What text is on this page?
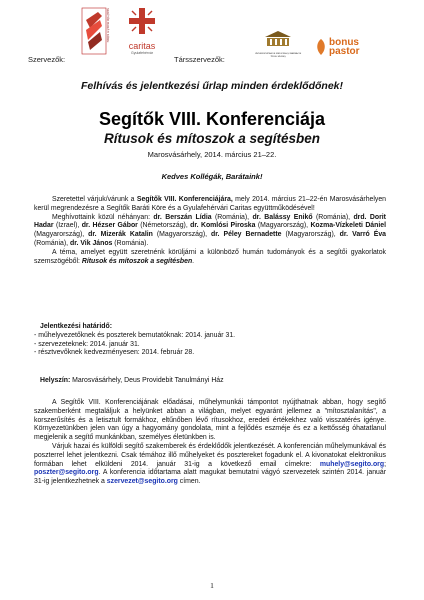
Szervezők:
SEGÍTŐK BARÁTI KÖRE
caritas
Gyulafehérvár
Társszervezők:
UNIVERSITATEA DE MEDICINĂ ŞI FARMACIE TÎRGU MUREŞ
bonus pastor
Felhívás és jelentkezési űrlap minden érdeklődőnek!
Segítők VIII. Konferenciája
Rítusok és mítoszok a segítésben
Marosvásárhely, 2014. március 21–22.
Kedves Kollégák, Barátaink!

Szeretettel várjuk/várunk a Segítők VIII. Konferenciájára, mely 2014. március 21–22-én Marosvásárhelyen kerül megrendezésre a Segítők Baráti Köre és a Gyulafehérvári Caritas együttműködésével!

Meghívottaink közül néhányan: dr. Berszán Lídia (Románia), dr. Balássy Enikő (Románia), drd. Dorit Hadar (Izrael), dr. Hézser Gábor (Németország), dr. Komlósi Piroska (Magyarország), Kozma-Vízkeleti Dániel (Magyarország), dr. Mizerák Katalin (Magyarország), dr. Péley Bernadette (Magyarország), dr. Varró Éva (Románia), dr. Vik János (Románia).

A téma, amelyet együtt szeretnénk körüljárni a különböző humán tudományok és a segítői gyakorlatok szemszögéből: Rítusok és mítoszok a segítésben.

Jelentkezési határidő:

- műhelyvezetőknek és poszterek bemutatóknak: 2014. január 31.

- szervezeteknek: 2014. január 31.

- résztvevőknek kedvezményesen: 2014. február 28.

Helyszín: Marosvásárhely, Deus Providebit Tanulmányi Ház

A Segítők VIII. Konferenciájának előadásai, műhelymunkái támpontot nyújthatnak abban, hogy segítő szakemberként megtaláljuk a helyünket abban a világban, melyet egyaránt jellemez a "mítosztalanítás", a korszerűsítés és a letisztult formákhoz, eltűnőben lévő rítusokhoz, eredeti értékekhez való visszatérés igénye. Környezetünkben jelen van úgy a hagyomány gondolata, mint a fejlődés eszméje és ez a kettősség óhatatlanul megjelenik a segítő munkánkban, személyes életünkben is.

Várjuk hazai és külföldi segítő szakemberek és érdeklődők jelentkezését. A konferencián műhelymunkával és poszterrel lehet jelentkezni. Csak témához illő műhelyeket és posztereket fogadunk el. A kivonatokat elektronikus formában lehet elküldeni 2014. január 31-ig a következő email címekre: muhely@segito.org; poszter@segito.org. A konferencia időtartama alatt magukat bemutatni vágyó szervezetek szintén 2014. január 31-ig jelentkezhetnek a szervezet@segito.org címen.

1
